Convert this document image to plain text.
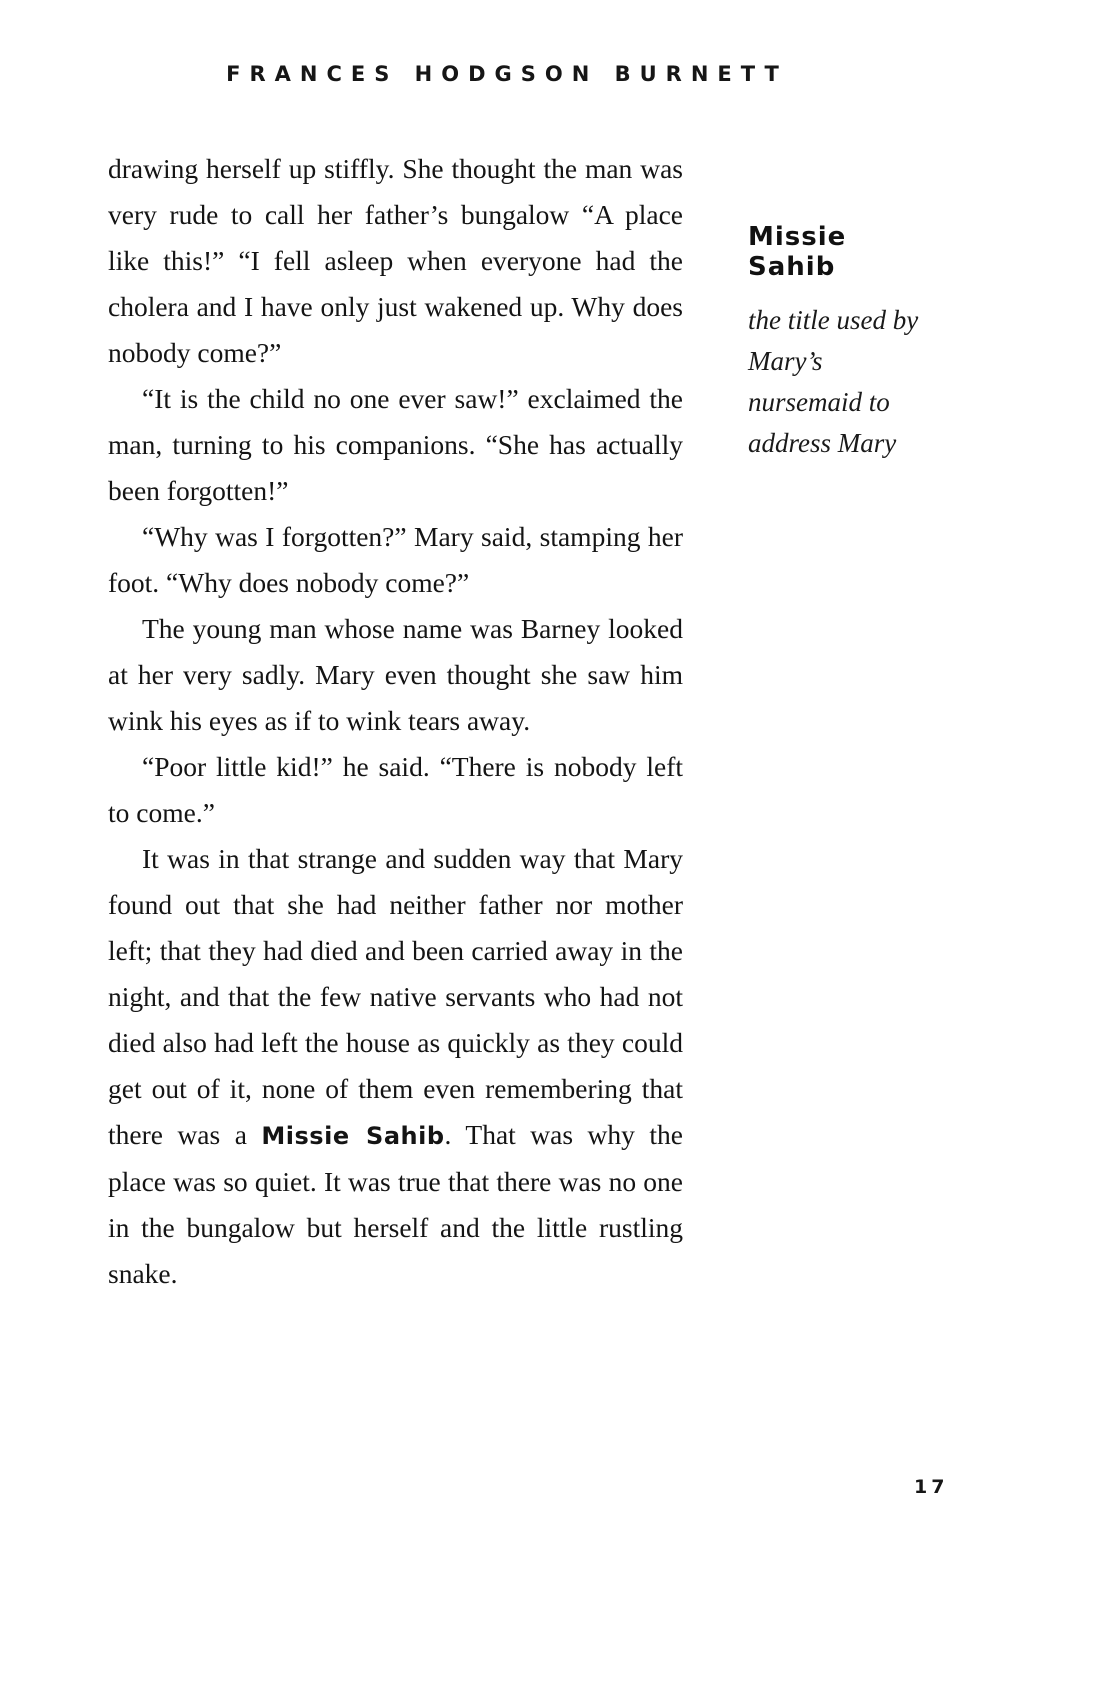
FRANCES HODGSON BURNETT

drawing herself up stiffly. She thought the man was very rude to call her father’s bungalow “A place like this!” “I fell asleep when everyone had the cholera and I have only just wakened up. Why does nobody come?”

“It is the child no one ever saw!” exclaimed the man, turning to his companions. “She has actually been forgotten!”

“Why was I forgotten?” Mary said, stamping her foot. “Why does nobody come?”

The young man whose name was Barney looked at her very sadly. Mary even thought she saw him wink his eyes as if to wink tears away.

“Poor little kid!” he said. “There is nobody left to come.”

It was in that strange and sudden way that Mary found out that she had neither father nor mother left; that they had died and been carried away in the night, and that the few native servants who had not died also had left the house as quickly as they could get out of it, none of them even remembering that there was a Missie Sahib. That was why the place was so quiet. It was true that there was no one in the bungalow but herself and the little rustling snake.

Missie Sahib

the title used by Mary’s nursemaid to address Mary

17
